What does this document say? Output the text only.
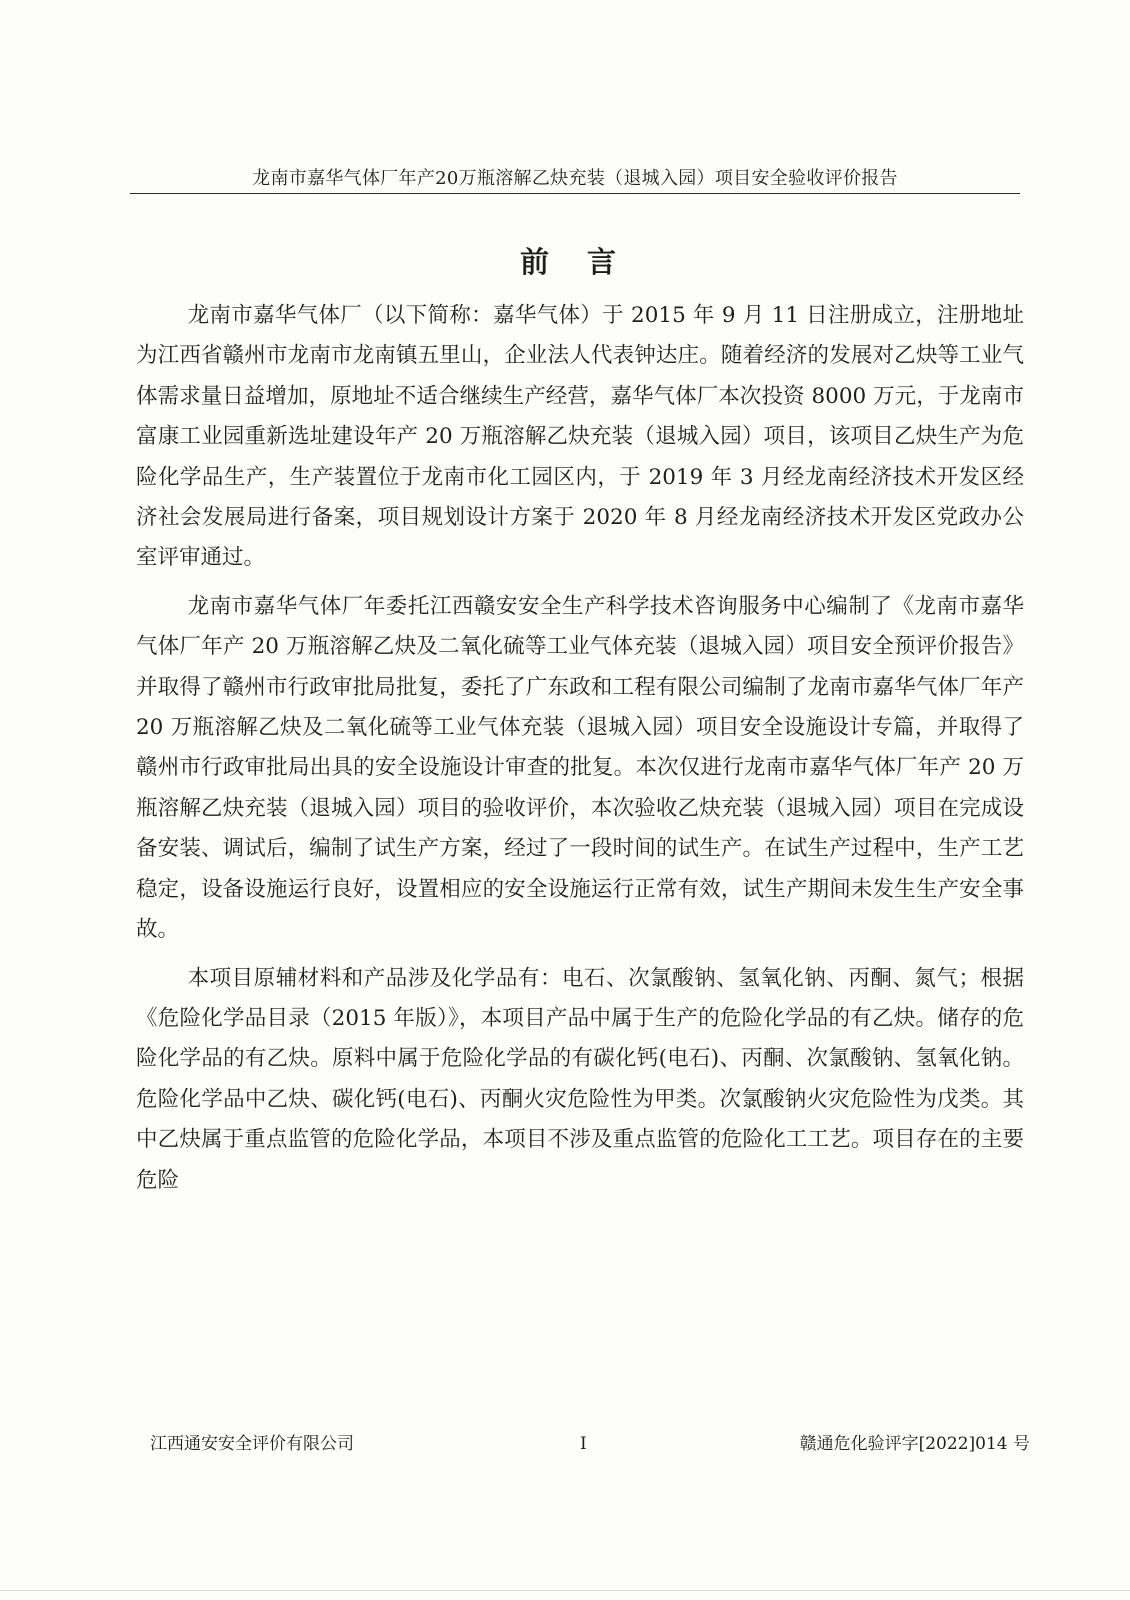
龙南市嘉华气体厂年产20万瓶溶解乙炔充装（退城入园）项目安全验收评价报告
前 言

龙南市嘉华气体厂（以下简称：嘉华气体）于 2015 年 9 月 11 日注册成立，注册地址为江西省赣州市龙南市龙南镇五里山，企业法人代表钟达庄。随着经济的发展对乙炔等工业气体需求量日益增加，原地址不适合继续生产经营，嘉华气体厂本次投资 8000 万元，于龙南市富康工业园重新选址建设年产 20 万瓶溶解乙炔充装（退城入园）项目，该项目乙炔生产为危险化学品生产，生产装置位于龙南市化工园区内，于 2019 年 3 月经龙南经济技术开发区经济社会发展局进行备案，项目规划设计方案于 2020 年 8 月经龙南经济技术开发区党政办公室评审通过。

龙南市嘉华气体厂年委托江西赣安安全生产科学技术咨询服务中心编制了《龙南市嘉华气体厂年产 20 万瓶溶解乙炔及二氧化硫等工业气体充装（退城入园）项目安全预评价报告》并取得了赣州市行政审批局批复，委托了广东政和工程有限公司编制了龙南市嘉华气体厂年产 20 万瓶溶解乙炔及二氧化硫等工业气体充装（退城入园）项目安全设施设计专篇，并取得了赣州市行政审批局出具的安全设施设计审查的批复。本次仅进行龙南市嘉华气体厂年产 20 万瓶溶解乙炔充装（退城入园）项目的验收评价，本次验收乙炔充装（退城入园）项目在完成设备安装、调试后，编制了试生产方案，经过了一段时间的试生产。在试生产过程中，生产工艺稳定，设备设施运行良好，设置相应的安全设施运行正常有效，试生产期间未发生生产安全事故。

本项目原辅材料和产品涉及化学品有：电石、次氯酸钠、氢氧化钠、丙酮、氮气；根据《危险化学品目录（2015 年版）》，本项目产品中属于生产的危险化学品的有乙炔。储存的危险化学品的有乙炔。原料中属于危险化学品的有碳化钙(电石)、丙酮、次氯酸钠、氢氧化钠。危险化学品中乙炔、碳化钙(电石)、丙酮火灾危险性为甲类。次氯酸钠火灾危险性为戊类。其中乙炔属于重点监管的危险化学品，本项目不涉及重点监管的危险化工工艺。项目存在的主要危险

江西通安安全评价有限公司	I	赣通危化验评字[2022]014 号
